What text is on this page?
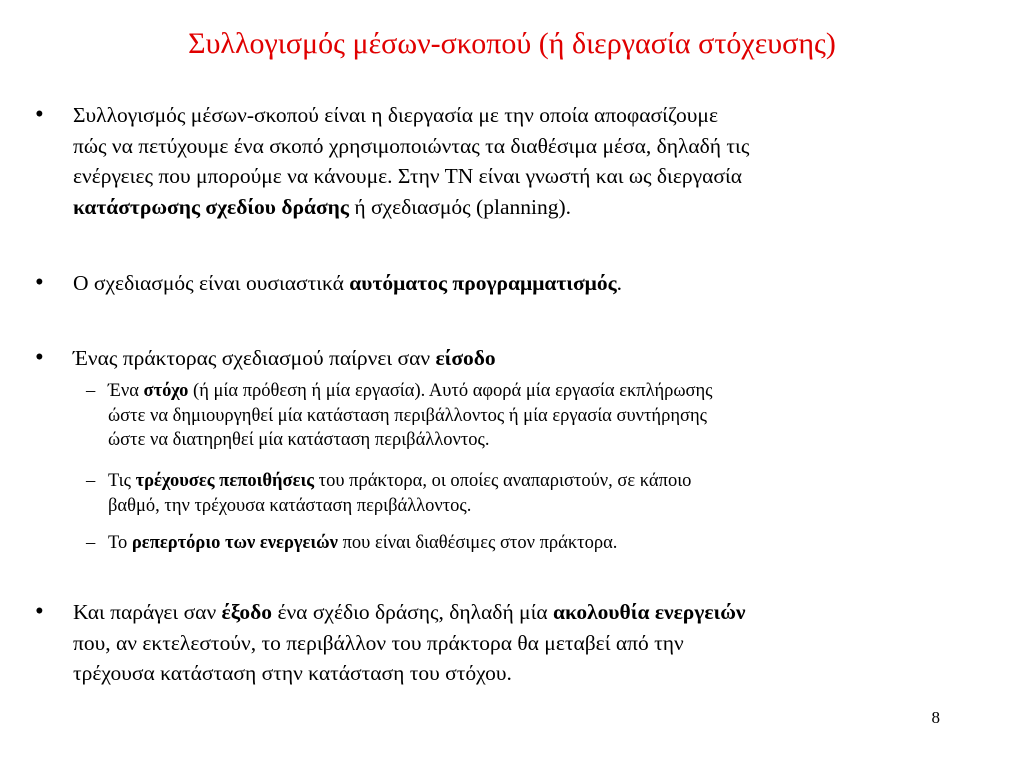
Συλλογισμός μέσων-σκοπού (ή διεργασία στόχευσης)
• Συλλογισμός μέσων-σκοπού είναι η διεργασία με την οποία αποφασίζουμε
πώς να πετύχουμε ένα σκοπό χρησιμοποιώντας τα διαθέσιμα μέσα, δηλαδή τις
ενέργειες που μπορούμε να κάνουμε. Στην ΤΝ είναι γνωστή και ως διεργασία
κατάστρωσης σχεδίου δράσης ή σχεδιασμός (planning).
• Ο σχεδιασμός είναι ουσιαστικά αυτόματος προγραμματισμός.
• Ένας πράκτορας σχεδιασμού παίρνει σαν είσοδο
– Ένα στόχο (ή μία πρόθεση ή μία εργασία). Αυτό αφορά μία εργασία εκπλήρωσης
ώστε να δημιουργηθεί μία κατάσταση περιβάλλοντος ή μία εργασία συντήρησης
ώστε να διατηρηθεί μία κατάσταση περιβάλλοντος.
– Τις τρέχουσες πεποιθήσεις του πράκτορα, οι οποίες αναπαριστούν, σε κάποιο
βαθμό, την τρέχουσα κατάσταση περιβάλλοντος.
– Το ρεπερτόριο των ενεργειών που είναι διαθέσιμες στον πράκτορα.
• Και παράγει σαν έξοδο ένα σχέδιο δράσης, δηλαδή μία ακολουθία ενεργειών
που, αν εκτελεστούν, το περιβάλλον του πράκτορα θα μεταβεί από την
τρέχουσα κατάσταση στην κατάσταση του στόχου.
8
